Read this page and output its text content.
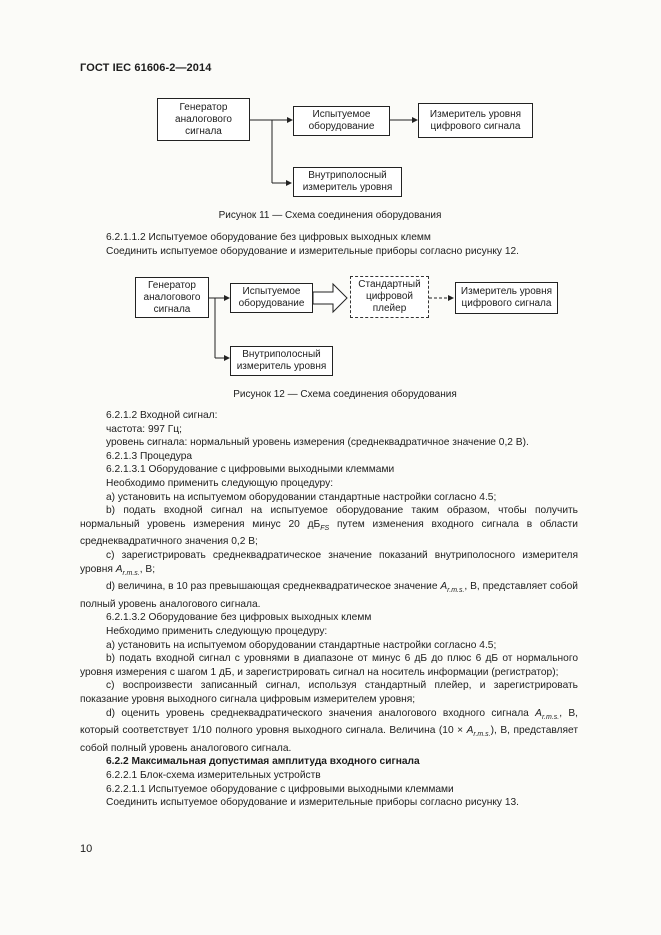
ГОСТ IEC 61606-2—2014
Генератор аналогового сигнала
Испытуемое оборудование
Измеритель уровня цифрового сигнала
Внутриполосный измеритель уровня
Рисунок 11 — Схема соединения оборудования

6.2.1.1.2 Испытуемое оборудование без цифровых выходных клемм

Соединить испытуемое оборудование и измерительные приборы согласно рисунку 12.

Генератор аналогового сигнала
Испытуемое оборудование
Стандартный цифровой плейер
Измеритель уровня цифрового сигнала
Внутриполосный измеритель уровня
Рисунок 12 — Схема соединения оборудования

6.2.1.2 Входной сигнал:

частота: 997 Гц;

уровень сигнала: нормальный уровень измерения (среднеквадратичное значение 0,2 В).

6.2.1.3 Процедура

6.2.1.3.1 Оборудование с цифровыми выходными клеммами

Необходимо применить следующую процедуру:

a) установить на испытуемом оборудовании стандартные настройки согласно 4.5;

b) подать входной сигнал на испытуемое оборудование таким образом, чтобы получить нормальный уровень измерения минус 20 $дБ_{FS}$ путем изменения входного сигнала в области среднеквадратичного значения 0,2 В;

c) зарегистрировать среднеквадратическое значение показаний внутриполосного измерителя уровня $A_{r.m.s.}$, В;

d) величина, в 10 раз превышающая среднеквадратическое значение $A_{r.m.s.}$, В, представляет собой полный уровень аналогового сигнала.

6.2.1.3.2 Оборудование без цифровых выходных клемм

Небходимо применить следующую процедуру:

a) установить на испытуемом оборудовании стандартные настройки согласно 4.5;

b) подать входной сигнал с уровнями в диапазоне от минус 6 дБ до плюс 6 дБ от нормального уровня измерения с шагом 1 дБ, и зарегистрировать сигнал на носитель информации (регистратор);

c) воспроизвести записанный сигнал, используя стандартный плейер, и зарегистрировать показание уровня выходного сигнала цифровым измерителем уровня;

d) оценить уровень среднеквадратического значения аналогового входного сигнала $A_{r.m.s.}$, В, который соответствует 1/10 полного уровня выходного сигнала. Величина $(10 \times A_{r.m.s.})$, В, представляет собой полный уровень аналогового сигнала.

6.2.2 Максимальная допустимая амплитуда входного сигнала

6.2.2.1 Блок-схема измерительных устройств

6.2.2.1.1 Испытуемое оборудование с цифровыми выходными клеммами

Соединить испытуемое оборудование и измерительные приборы согласно рисунку 13.

10
